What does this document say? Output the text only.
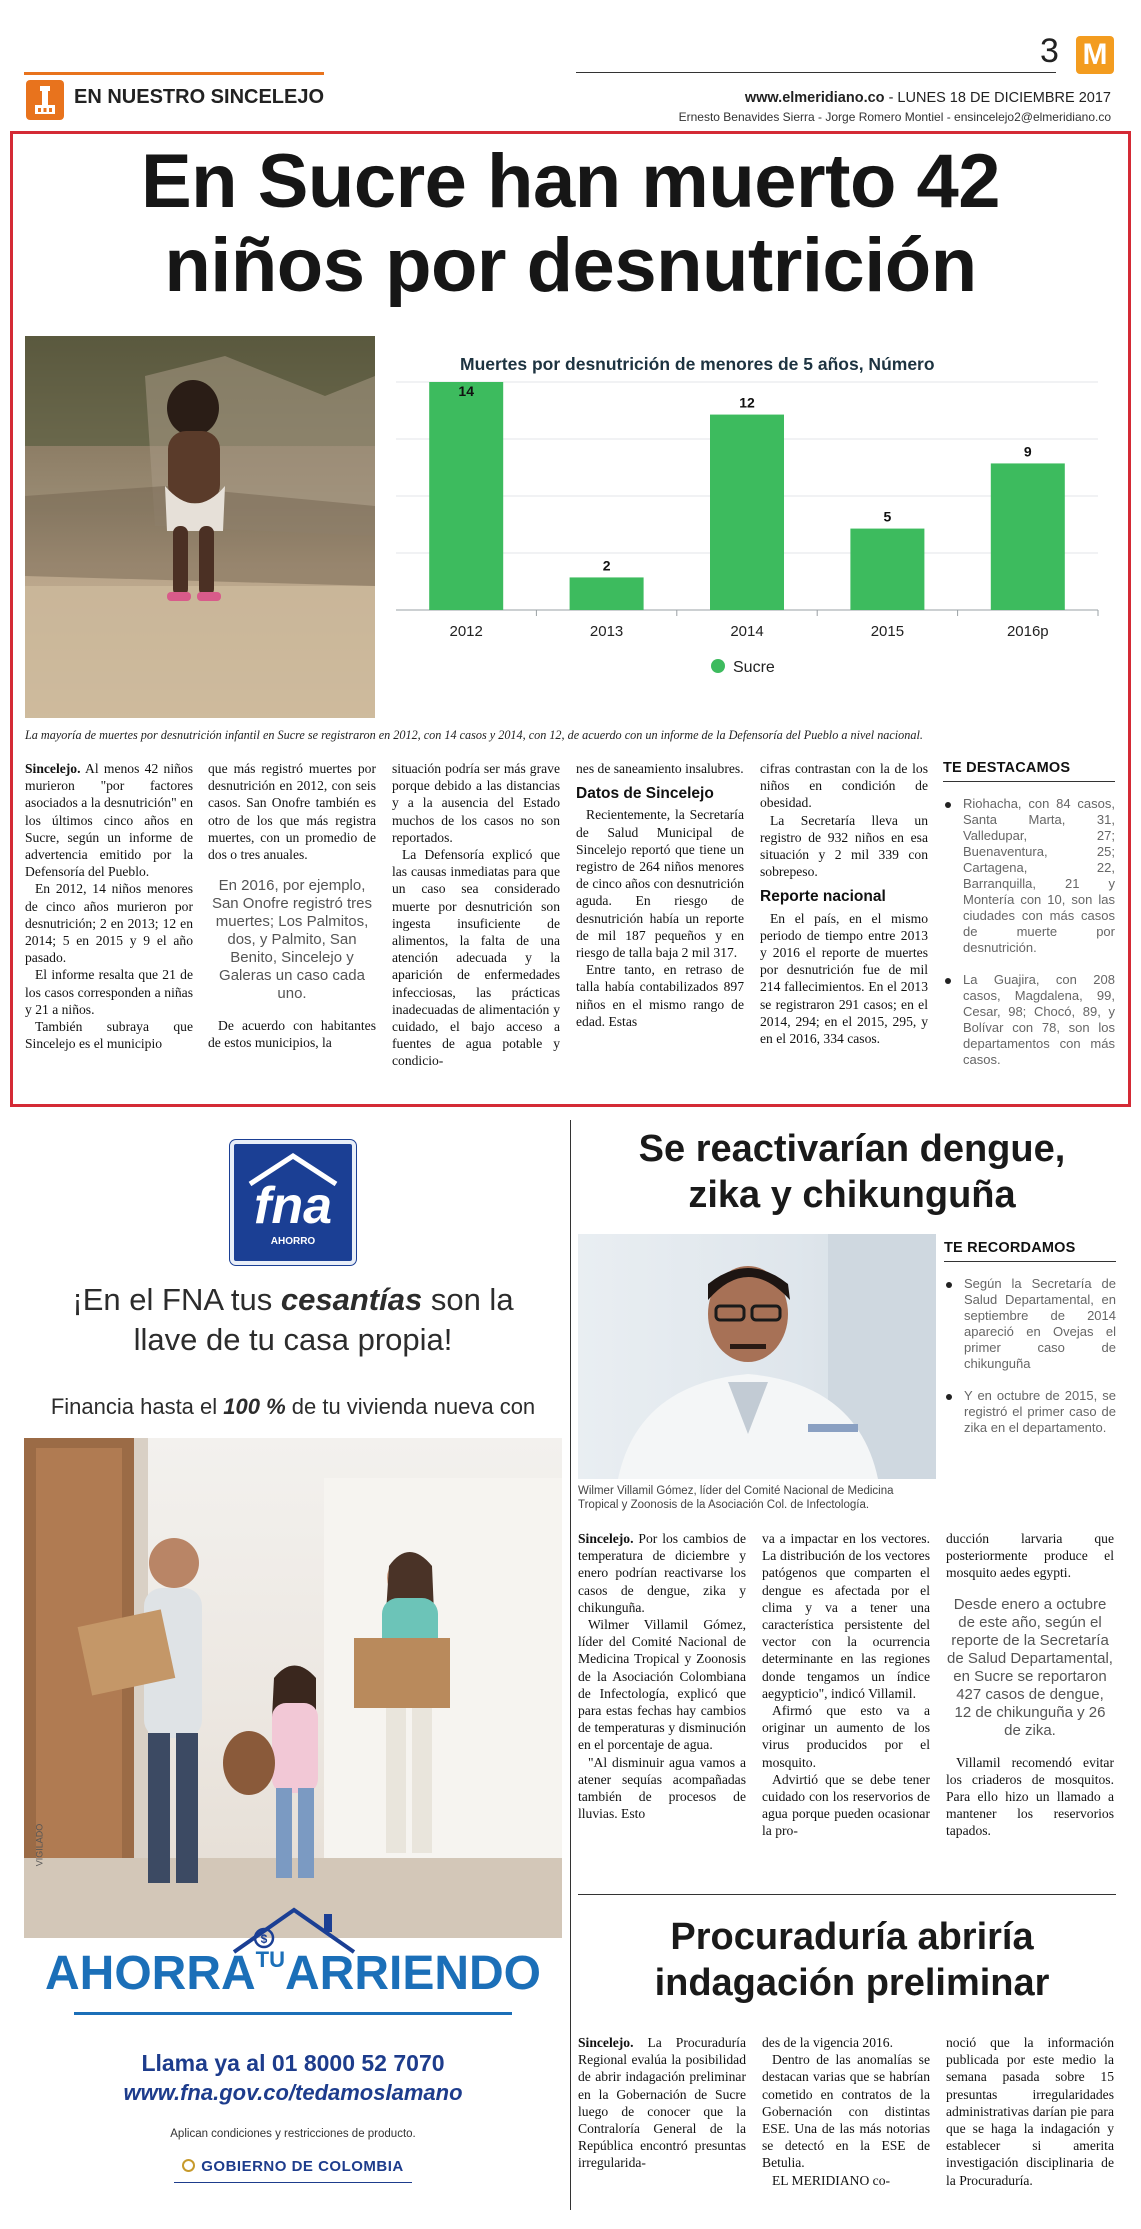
3 M
EN NUESTRO SINCELEJO	www.elmeridiano.co - LUNES 18 DE DICIEMBRE 2017
Ernesto Benavides Sierra - Jorge Romero Montiel - ensincelejo2@elmeridiano.co
En Sucre han muerto 42
niños por desnutrición
Muertes por desnutrición de menores de 5 años, Número
14
2012
2
2013
12
2014
5
2015
9
2016p
Sucre
La mayoría de muertes por desnutrición infantil en Sucre se registraron en 2012, con 14 casos y 2014, con 12, de acuerdo con un informe de la Defensoría del Pueblo a nivel nacional.

Sincelejo. Al menos 42 niños murieron "por factores asociados a la desnutrición" en los últimos cinco años en Sucre, según un informe de advertencia emitido por la Defensoría del Pueblo.

En 2012, 14 niños menores de cinco años murieron por desnutrición; 2 en 2013; 12 en 2014; 5 en 2015 y 9 el año pasado.

El informe resalta que 21 de los casos corresponden a niñas y 21 a niños.

También subraya que Sincelejo es el municipio

que más registró muertes por desnutrición en 2012, con seis casos. San Onofre también es otro de los que más registra muertes, con un promedio de dos o tres anuales.

En 2016, por ejemplo, San Onofre registró tres muertes; Los Palmitos, dos, y Palmito, San Benito, Sincelejo y Galeras un caso cada uno.

De acuerdo con habitantes de estos municipios, la

situación podría ser más grave porque debido a las distancias y a la ausencia del Estado muchos de los casos no son reportados.

La Defensoría explicó que las causas inmediatas para que un caso sea considerado muerte por desnutrición son ingesta insuficiente de alimentos, la falta de una atención adecuada y la aparición de enfermedades infecciosas, las prácticas inadecuadas de alimentación y cuidado, el bajo acceso a fuentes de agua potable y condicio-

nes de saneamiento insalubres.

Datos de Sincelejo

Recientemente, la Secretaría de Salud Municipal de Sincelejo reportó que tiene un registro de 264 niños menores de cinco años con desnutrición aguda. En riesgo de desnutrición había un reporte de mil 187 pequeños y en riesgo de talla baja 2 mil 317.

Entre tanto, en retraso de talla había contabilizados 897 niños en el mismo rango de edad. Estas

cifras contrastan con la de los niños en condición de obesidad.

La Secretaría lleva un registro de 932 niños en esa situación y 2 mil 339 con sobrepeso.

Reporte nacional

En el país, en el mismo periodo de tiempo entre 2013 y 2016 el reporte de muertes por desnutrición fue de mil 214 fallecimientos. En el 2013 se registraron 291 casos; en el 2014, 294; en el 2015, 295, y en el 2016, 334 casos.

TE DESTACAMOS
Riohacha, con 84 casos, Santa Marta, 31, Valledupar, 27; Buenaventura, 25; Cartagena, 22, Barranquilla, 21 y Montería con 10, son las ciudades con más casos de muerte por desnutrición.
La Guajira, con 208 casos, Magdalena, 99, Cesar, 98; Chocó, 89, y Bolívar con 78, son los departamentos con más casos.
fna
AHORRO
¡En el FNA tus cesantías son la
llave de tu casa propia!
Financia hasta el 100 % de tu vivienda nueva con
VIGILADO
$
$AHORRA^{TU}ARRIENDO$
Llama ya al 01 8000 52 7070
www.fna.gov.co/tedamoslamano
Aplican condiciones y restricciones de producto.
GOBIERNO DE COLOMBIA
Se reactivarían dengue,
zika y chikunguña
Wilmer Villamil Gómez, líder del Comité Nacional de Medicina Tropical y Zoonosis de la Asociación Col. de Infectología.
TE RECORDAMOS
Según la Secretaría de Salud Departamental, en septiembre de 2014 apareció en Ovejas el primer caso de chikunguña
Y en octubre de 2015, se registró el primer caso de zika en el departamento.

Sincelejo. Por los cambios de temperatura de diciembre y enero podrían reactivarse los casos de dengue, zika y chikunguña.

Wilmer Villamil Gómez, líder del Comité Nacional de Medicina Tropical y Zoonosis de la Asociación Colombiana de Infectología, explicó que para estas fechas hay cambios de temperaturas y disminución en el porcentaje de agua.

"Al disminuir agua vamos a atener sequías acompañadas también de procesos de lluvias. Esto

va a impactar en los vectores. La distribución de los vectores patógenos que comparten el dengue es afectada por el clima y va a tener una característica persistente del vector con la ocurrencia determinante en las regiones donde tengamos un índice aegypticio", indicó Villamil.

Afirmó que esto va a originar un aumento de los virus producidos por el mosquito.

Advirtió que se debe tener cuidado con los reservorios de agua porque pueden ocasionar la pro-

ducción larvaria que posteriormente produce el mosquito aedes egypti.

Desde enero a octubre de este año, según el reporte de la Secretaría de Salud Departamental, en Sucre se reportaron 427 casos de dengue, 12 de chikunguña y 26 de zika.

Villamil recomendó evitar los criaderos de mosquitos. Para ello hizo un llamado a mantener los reservorios tapados.

Procuraduría abriría
indagación preliminar

Sincelejo. La Procuraduría Regional evalúa la posibilidad de abrir indagación preliminar en la Gobernación de Sucre luego de conocer que la Contraloría General de la República encontró presuntas irregularida-

des de la vigencia 2016.

Dentro de las anomalías se destacan varias que se habrían cometido en contratos de la Gobernación con distintas ESE. Una de las más notorias se detectó en la ESE de Betulia.

EL MERIDIANO co-

noció que la información publicada por este medio la semana pasada sobre 15 presuntas irregularidades administrativas darían pie para que se haga la indagación y establecer si amerita investigación disciplinaria de la Procuraduría.
